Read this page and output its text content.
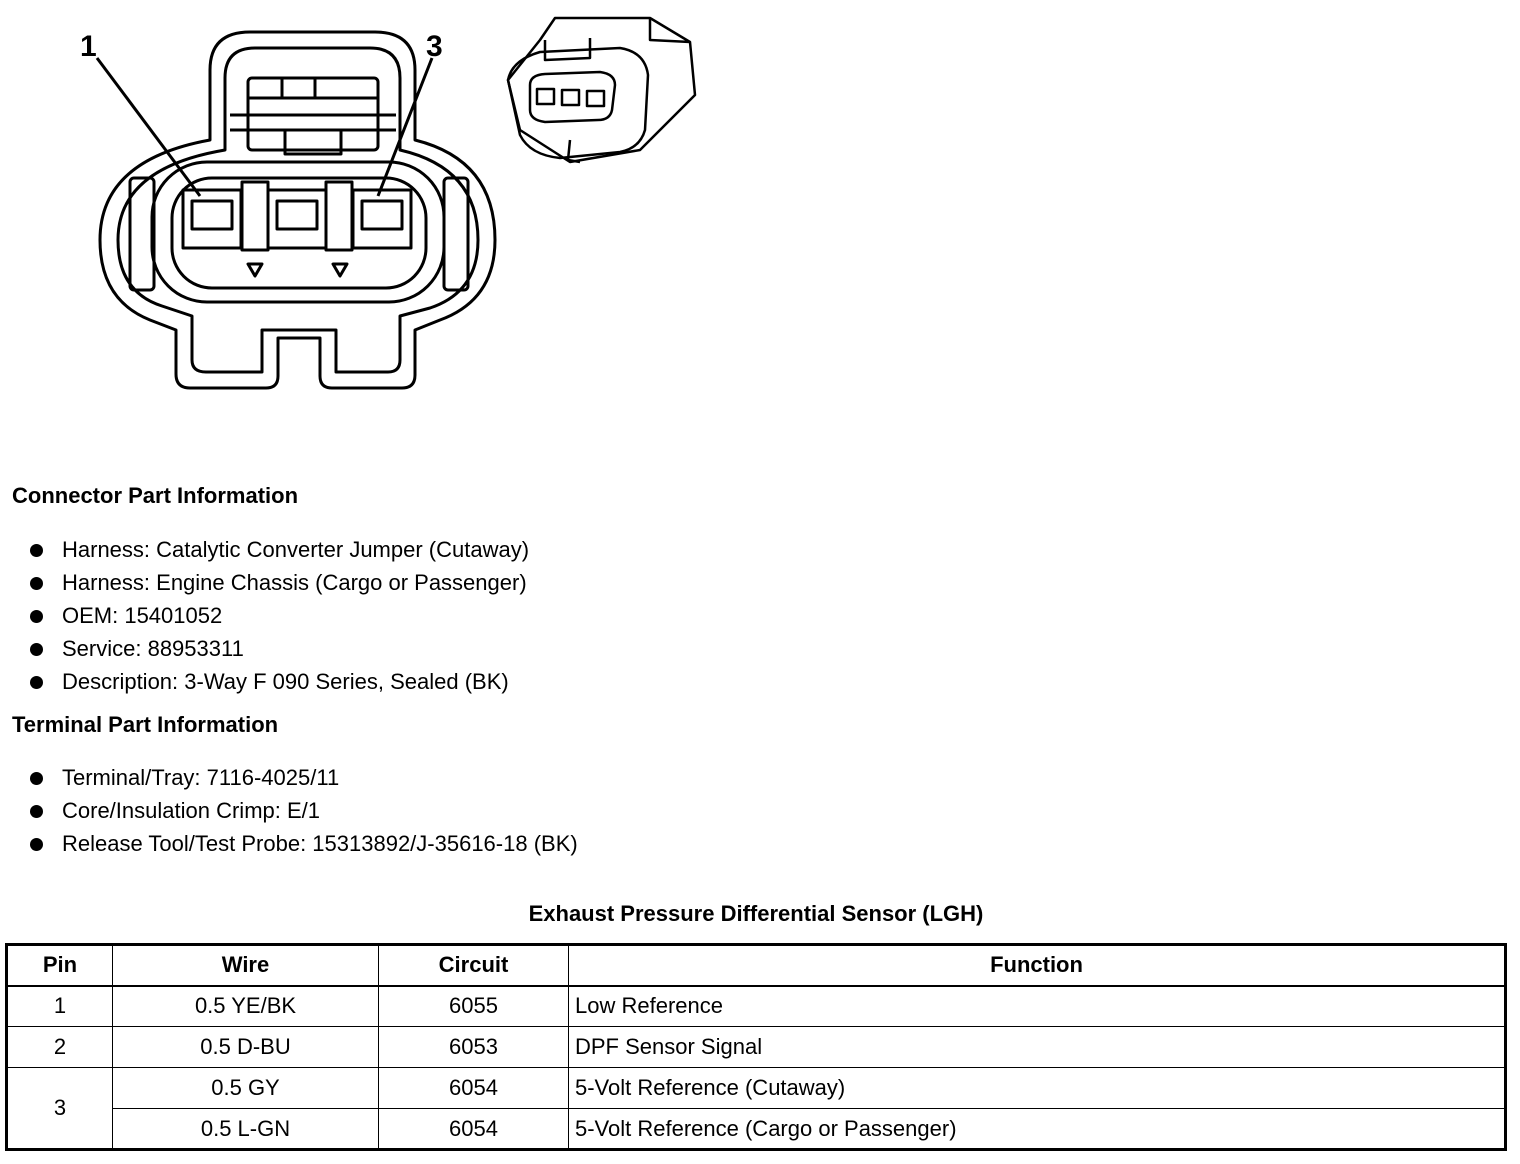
1	3
Connector Part Information
Harness: Catalytic Converter Jumper (Cutaway)
Harness: Engine Chassis (Cargo or Passenger)
OEM: 15401052
Service: 88953311
Description: 3-Way F 090 Series, Sealed (BK)
Terminal Part Information
Terminal/Tray: 7116-4025/11
Core/Insulation Crimp: E/1
Release Tool/Test Probe: 15313892/J-35616-18 (BK)
Exhaust Pressure Differential Sensor (LGH)
Pin	Wire	Circuit	Function
1	0.5 YE/BK	6055	Low Reference
2	0.5 D-BU	6053	DPF Sensor Signal
3	0.5 GY	6054	5-Volt Reference (Cutaway)
	0.5 L-GN	6054	5-Volt Reference (Cargo or Passenger)
